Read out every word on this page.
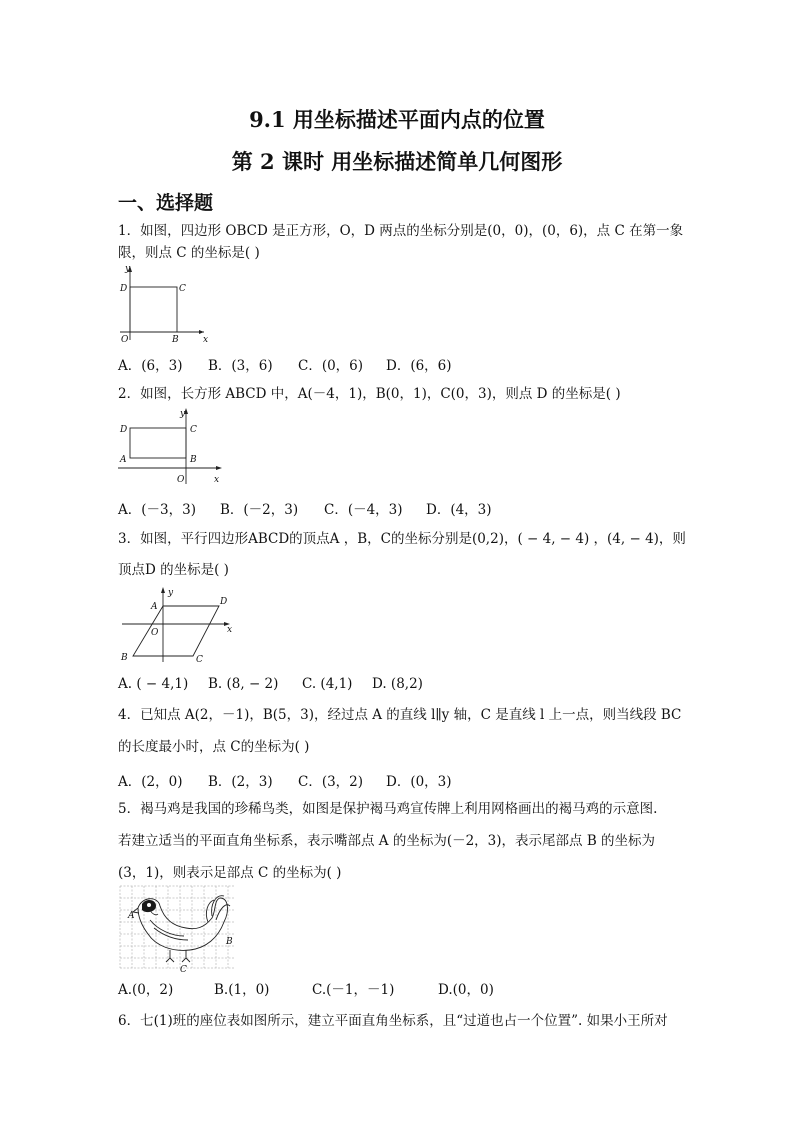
9.1 用坐标描述平面内点的位置
第 2 课时 用坐标描述简单几何图形
一、选择题
1．如图，四边形 OBCD 是正方形，O，D 两点的坐标分别是(0，0)，(0，6)，点 C 在第一象
限，则点 C 的坐标是( )
y
x
D	C
O	B
A．(6，3) B．(3，6) C．(0，6) D．(6，6)
2．如图，长方形 ABCD 中，A(－4，1)，B(0，1)，C(0，3)，则点 D 的坐标是( )
y
x
D	C
A	B
O
A．(－3，3) B．(－2，3) C．(－4，3) D．(4，3)
3．如图，平行四边形ABCD的顶点A ，B，C的坐标分别是(0,2)，( − 4, − 4) ，(4, − 4)，则
顶点D 的坐标是( )
y
x
A	D
O
B	C
A. ( − 4,1) B. (8, − 2) C. (4,1) D. (8,2)
4．已知点 A(2，－1)，B(5，3)，经过点 A 的直线 l∥y 轴，C 是直线 l 上一点，则当线段 BC
的长度最小时，点 C的坐标为( )
A．(2，0) B．(2，3) C．(3，2) D．(0，3)
5．褐马鸡是我国的珍稀鸟类，如图是保护褐马鸡宣传牌上利用网格画出的褐马鸡的示意图.
若建立适当的平面直角坐标系，表示嘴部点 A 的坐标为(－2，3)，表示尾部点 B 的坐标为
(3，1)，则表示足部点 C 的坐标为( )
A
B
C
A.(0，2)	B.(1，0)	C.(－1，－1)	D.(0，0)
6．七(1)班的座位表如图所示，建立平面直角坐标系，且“过道也占一个位置”. 如果小王所对
